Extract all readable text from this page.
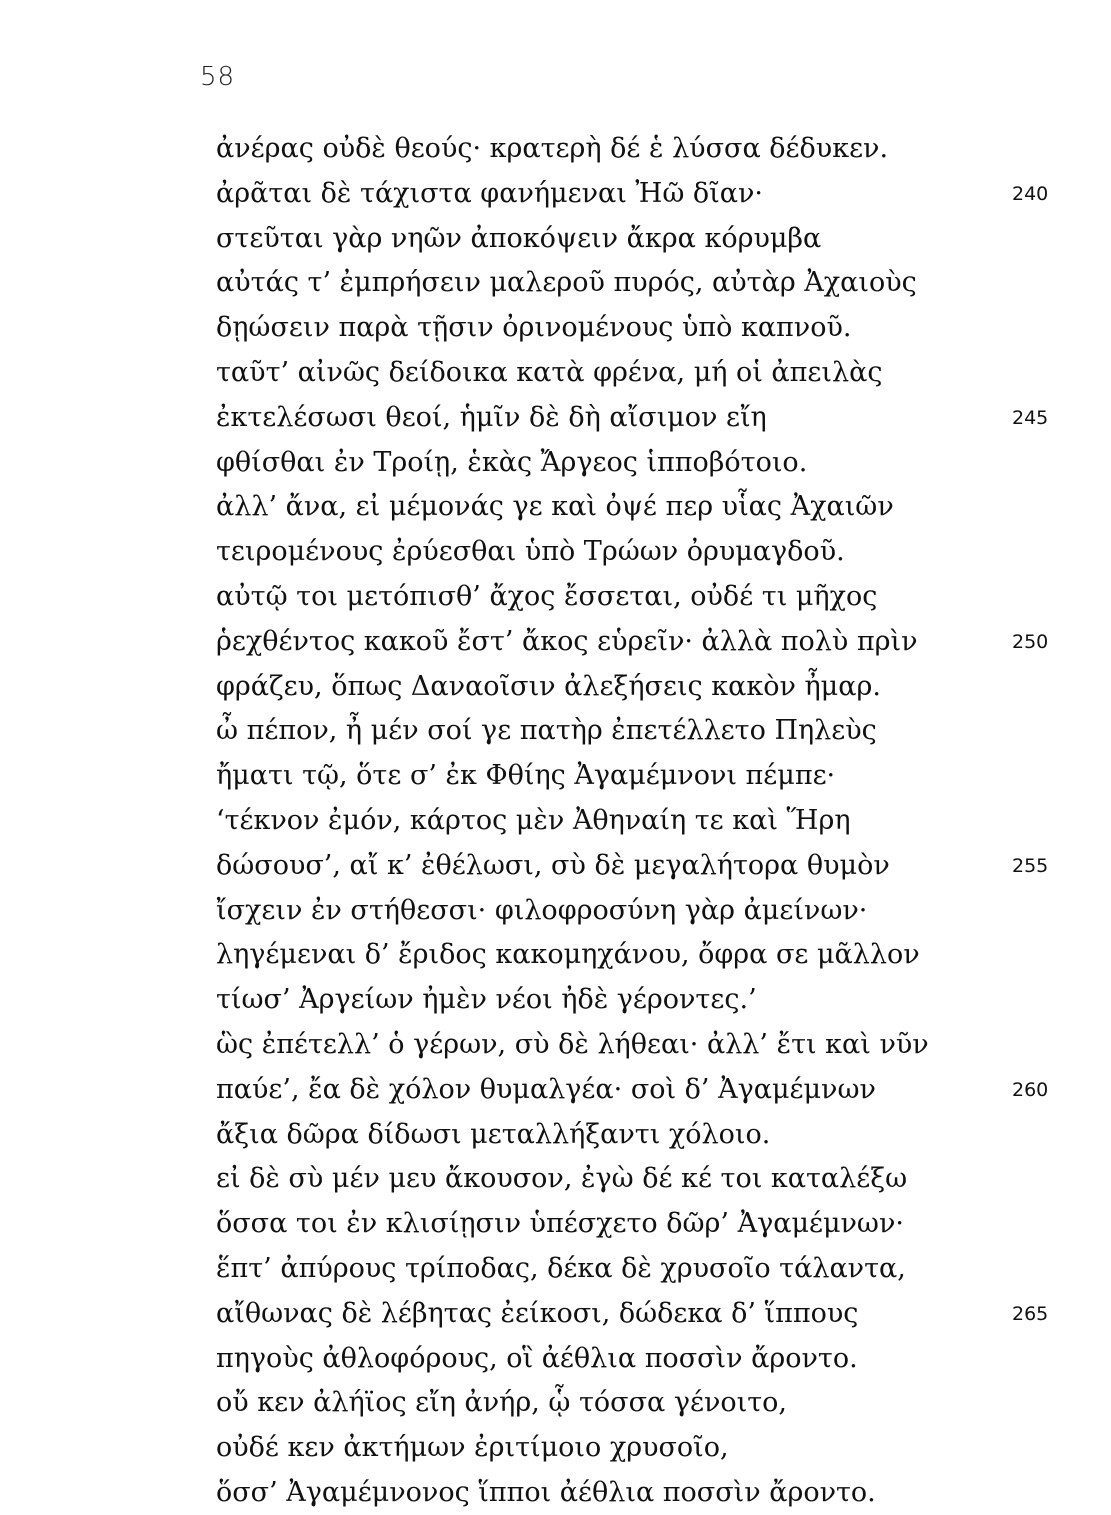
58
ἀνέρας οὐδὲ θεούς· κρατερὴ δέ ἑ λύσσα δέδυκεν.
ἀρᾶται δὲ τάχιστα φανήμεναι Ἠῶ δῖαν·	240
στεῦται γὰρ νηῶν ἀποκόψειν ἄκρα κόρυμβα
αὐτάς τ’ ἐμπρήσειν μαλεροῦ πυρός, αὐτὰρ Ἀχαιοὺς
δῃώσειν παρὰ τῇσιν ὀρινομένους ὑπὸ καπνοῦ.
ταῦτ’ αἰνῶς δείδοικα κατὰ φρένα, μή οἱ ἀπειλὰς
ἐκτελέσωσι θεοί, ἡμῖν δὲ δὴ αἴσιμον εἴη	245
φθίσθαι ἐν Τροίῃ, ἑκὰς Ἄργεος ἱπποβότοιο.
ἀλλ’ ἄνα, εἰ μέμονάς γε καὶ ὀψέ περ υἷας Ἀχαιῶν
τειρομένους ἐρύεσθαι ὑπὸ Τρώων ὀρυμαγδοῦ.
αὐτῷ τοι μετόπισθ’ ἄχος ἔσσεται, οὐδέ τι μῆχος
ῥεχθέντος κακοῦ ἔστ’ ἄκος εὑρεῖν· ἀλλὰ πολὺ πρὶν	250
φράζευ, ὅπως Δαναοῖσιν ἀλεξήσεις κακὸν ἦμαρ.
ὦ πέπον, ἦ μέν σοί γε πατὴρ ἐπετέλλετο Πηλεὺς
ἤματι τῷ, ὅτε σ’ ἐκ Φθίης Ἀγαμέμνονι πέμπε·
‘τέκνον ἐμόν, κάρτος μὲν Ἀθηναίη τε καὶ Ἥρη
δώσουσ’, αἴ κ’ ἐθέλωσι, σὺ δὲ μεγαλήτορα θυμὸν	255
ἴσχειν ἐν στήθεσσι· φιλοφροσύνη γὰρ ἀμείνων·
ληγέμεναι δ’ ἔριδος κακομηχάνου, ὄφρα σε μᾶλλον
τίωσ’ Ἀργείων ἠμὲν νέοι ἠδὲ γέροντες.’
ὣς ἐπέτελλ’ ὁ γέρων, σὺ δὲ λήθεαι· ἀλλ’ ἔτι καὶ νῦν
παύε’, ἔα δὲ χόλον θυμαλγέα· σοὶ δ’ Ἀγαμέμνων	260
ἄξια δῶρα δίδωσι μεταλλήξαντι χόλοιο.
εἰ δὲ σὺ μέν μευ ἄκουσον, ἐγὼ δέ κέ τοι καταλέξω
ὅσσα τοι ἐν κλισίῃσιν ὑπέσχετο δῶρ’ Ἀγαμέμνων·
ἕπτ’ ἀπύρους τρίποδας, δέκα δὲ χρυσοῖο τάλαντα,
αἴθωνας δὲ λέβητας ἐείκοσι, δώδεκα δ’ ἵππους	265
πηγοὺς ἀθλοφόρους, οἳ ἀέθλια ποσσὶν ἄροντο.
οὔ κεν ἀλήϊος εἴη ἀνήρ, ᾧ τόσσα γένοιτο,
οὐδέ κεν ἀκτήμων ἐριτίμοιο χρυσοῖο,
ὅσσ’ Ἀγαμέμνονος ἵπποι ἀέθλια ποσσὶν ἄροντο.
